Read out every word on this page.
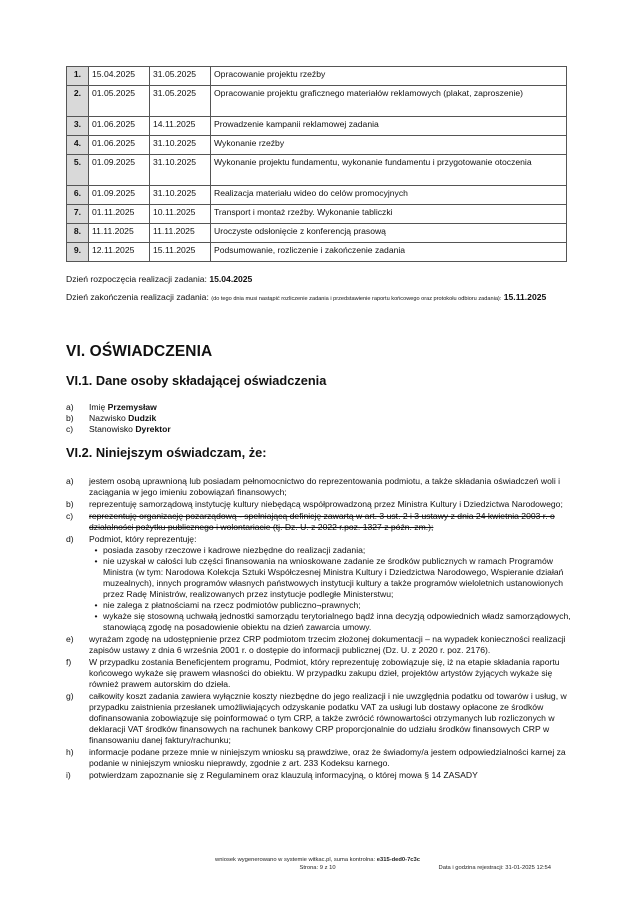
1.	15.04.2025	31.05.2025	Opracowanie projektu rzeźby
2.	01.05.2025	31.05.2025	Opracowanie projektu graficznego materiałów reklamowych (plakat, zaproszenie)
3.	01.06.2025	14.11.2025	Prowadzenie kampanii reklamowej zadania
4.	01.06.2025	31.10.2025	Wykonanie rzeźby
5.	01.09.2025	31.10.2025	Wykonanie projektu fundamentu, wykonanie fundamentu i przygotowanie otoczenia
6.	01.09.2025	31.10.2025	Realizacja materiału wideo do celów promocyjnych
7.	01.11.2025	10.11.2025	Transport i montaż rzeźby. Wykonanie tabliczki
8.	11.11.2025	11.11.2025	Uroczyste odsłonięcie z konferencją prasową
9.	12.11.2025	15.11.2025	Podsumowanie, rozliczenie i zakończenie zadania

Dzień rozpoczęcia realizacji zadania: 15.04.2025

Dzień zakończenia realizacji zadania: (do tego dnia musi nastąpić rozliczenie zadania i przedstawienie raportu końcowego oraz protokołu odbioru zadania): 15.11.2025

VI. OŚWIADCZENIA
VI.1. Dane osoby składającej oświadczenia
a)	Imię
Przemysław
b)	Nazwisko
Dudzik
c)	Stanowisko
Dyrektor
VI.2. Niniejszym oświadczam, że:
a)	jestem osobą uprawnioną lub posiadam pełnomocnictwo do reprezentowania podmiotu, a także składania oświadczeń woli i zaciągania w jego imieniu zobowiązań finansowych;
b)	reprezentuję samorządową instytucję kultury niebędącą współprowadzoną przez Ministra Kultury i Dziedzictwa Narodowego;
c)	reprezentuję organizację pozarządową - spełniającą definicję zawartą w art. 3 ust. 2 i 3 ustawy z dnia 24 kwietnia 2003 r. o działalności pożytku publicznego i wolontariacie (tj. Dz. U. z 2022 r.poz. 1327 z późn. zm.);
d)	Podmiot, który reprezentuję:
• posiada zasoby rzeczowe i kadrowe niezbędne do realizacji zadania;
• nie uzyskał w całości lub części finansowania na wnioskowane zadanie ze środków publicznych w ramach Programów Ministra (w tym: Narodowa Kolekcja Sztuki Współczesnej Ministra Kultury i Dziedzictwa Narodowego, Wspieranie działań muzealnych), innych programów własnych państwowych instytucji kultury a także programów wieloletnich ustanowionych przez Radę Ministrów, realizowanych przez instytucje podległe Ministerstwu;
• nie zalega z płatnościami na rzecz podmiotów publiczno¬prawnych;
• wykaże się stosowną uchwałą jednostki samorządu terytorialnego bądź inna decyzją odpowiednich władz samorządowych, stanowiącą zgodę na posadowienie obiektu na dzień zawarcia umowy.
e)	wyrażam zgodę na udostępnienie przez CRP podmiotom trzecim złożonej dokumentacji – na wypadek konieczności realizacji zapisów ustawy z dnia 6 września 2001 r. o dostępie do informacji publicznej (Dz. U. z 2020 r. poz. 2176).
f)	W przypadku zostania Beneficjentem programu, Podmiot, który reprezentuję zobowiązuje się, iż na etapie składania raportu końcowego wykaże się prawem własności do obiektu. W przypadku zakupu dzieł, projektów artystów żyjących wykaże się również prawem autorskim do dzieła.
g)	całkowity koszt zadania zawiera wyłącznie koszty niezbędne do jego realizacji i nie uwzględnia podatku od towarów i usług, w przypadku zaistnienia przesłanek umożliwiających odzyskanie podatku VAT za usługi lub dostawy opłacone ze środków dofinansowania zobowiązuje się poinformować o tym CRP, a także zwrócić równowartości otrzymanych lub rozliczonych w deklaracji VAT środków finansowych na rachunek bankowy CRP proporcjonalnie do udziału środków finansowych CRP w finansowaniu danej faktury/rachunku;
h)	informacje podane przeze mnie w niniejszym wniosku są prawdziwe, oraz że świadomy/a jestem odpowiedzialności karnej za podanie w niniejszym wniosku nieprawdy, zgodnie z art. 233 Kodeksu karnego.
i)	potwierdzam zapoznanie się z Regulaminem oraz klauzulą informacyjną, o której mowa § 14 ZASADY
wniosek wygenerowano w systemie witkac.pl, suma kontrolna: e315-ded0-7c3c
Strona: 9 z 10	Data i godzina rejestracji: 31-01-2025 12:54
